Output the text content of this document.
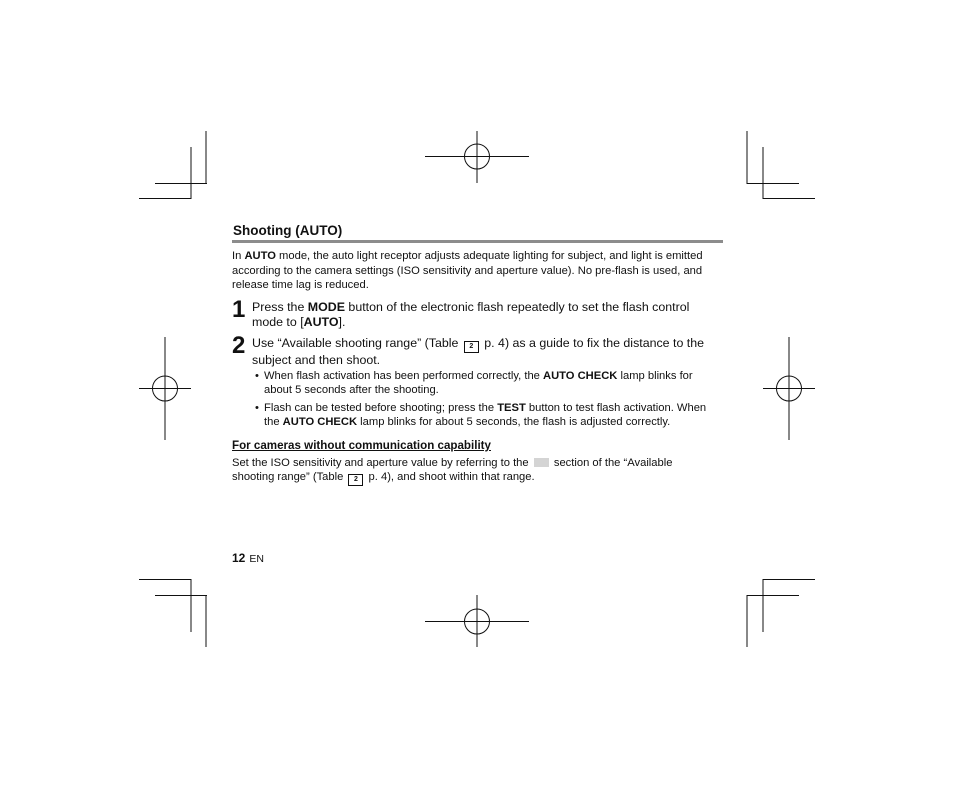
Shooting (AUTO)

In AUTO mode, the auto light receptor adjusts adequate lighting for subject, and light is emitted according to the camera settings (ISO sensitivity and aperture value). No pre-flash is used, and release time lag is reduced.

1 Press the MODE button of the electronic flash repeatedly to set the flash control mode to [AUTO].
2 Use “Available shooting range” (Table 2 p. 4) as a guide to fix the distance to the subject and then shoot.
• When flash activation has been performed correctly, the AUTO CHECK lamp blinks for about 5 seconds after the shooting.
• Flash can be tested before shooting; press the TEST button to test flash activation. When the AUTO CHECK lamp blinks for about 5 seconds, the flash is adjusted correctly.
For cameras without communication capability
Set the ISO sensitivity and aperture value by referring to the  section of the “Available shooting range” (Table 2 p. 4), and shoot within that range.
12 EN
